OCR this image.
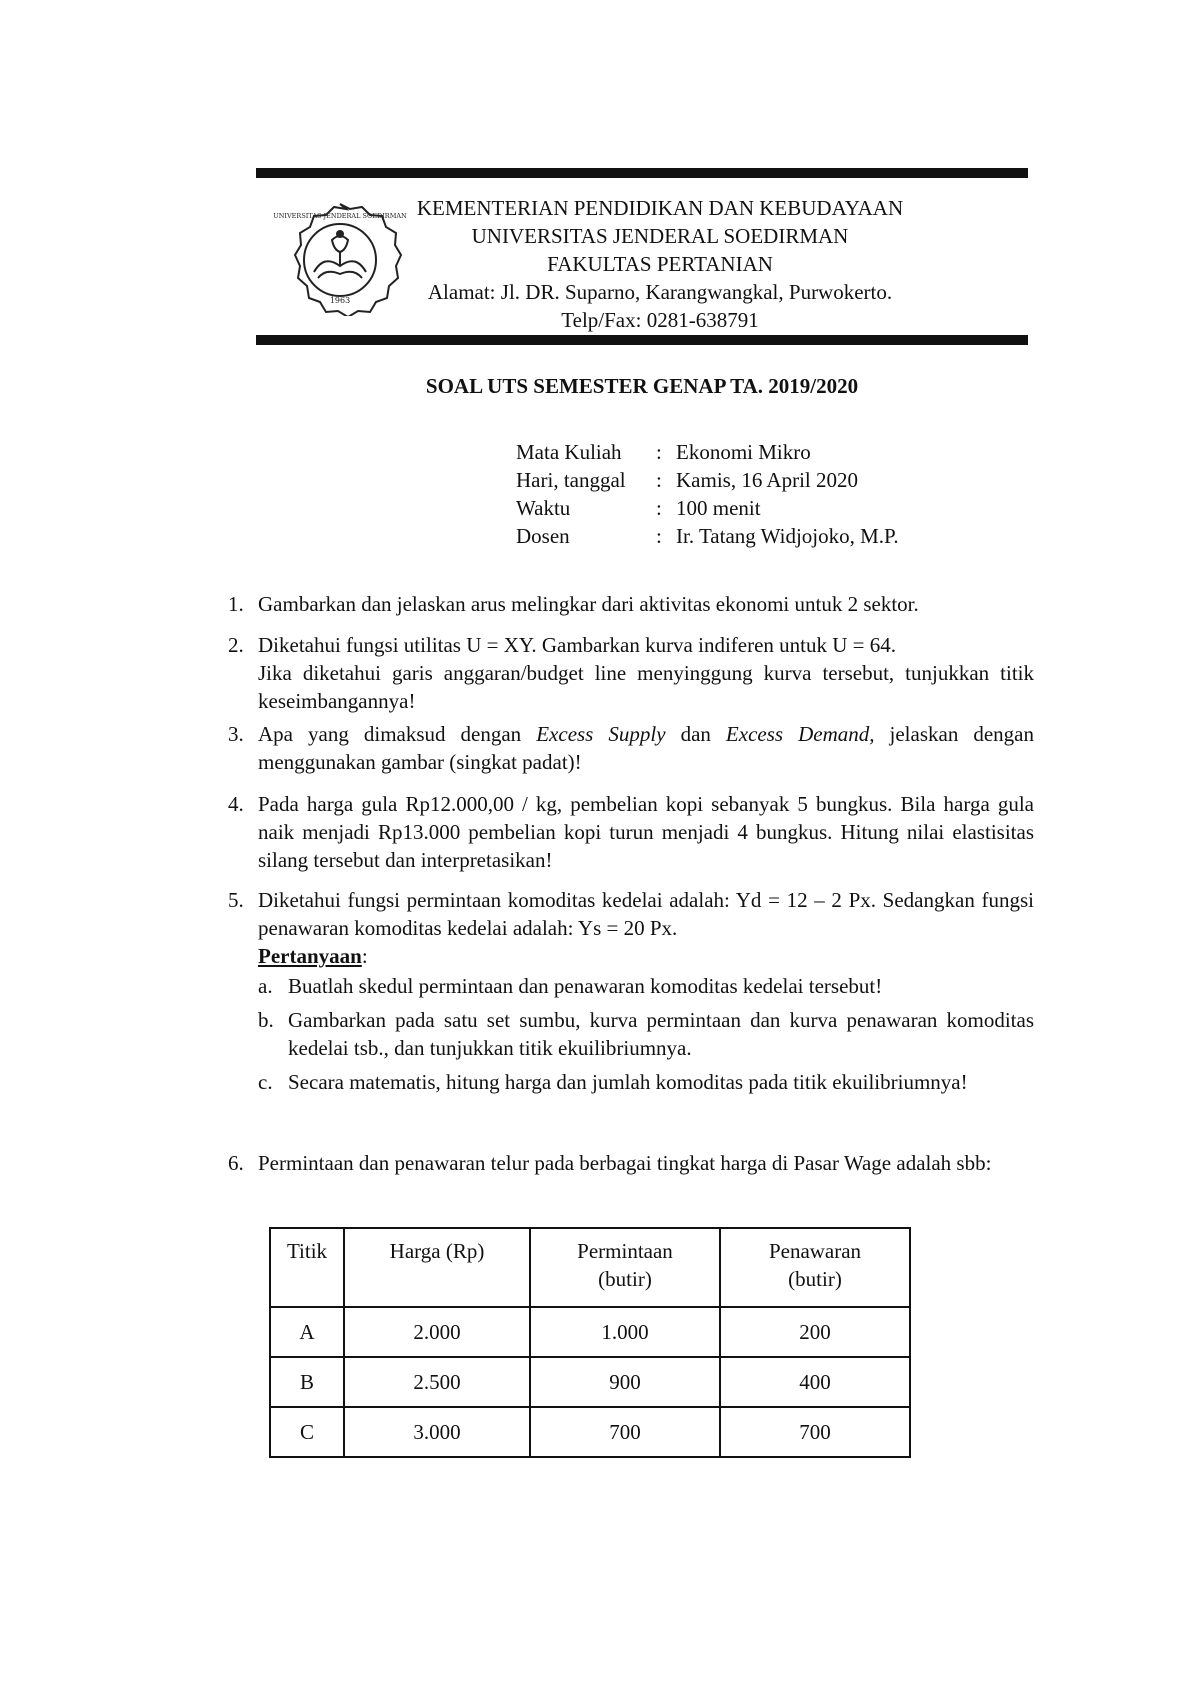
1963
UNIVERSITAS JENDERAL SOEDIRMAN KEMENTERIAN PENDIDIKAN DAN KEBUDAYAAN
UNIVERSITAS JENDERAL SOEDIRMAN
FAKULTAS PERTANIAN
Alamat: Jl. DR. Suparno, Karangwangkal, Purwokerto.
Telp/Fax: 0281-638791
SOAL UTS SEMESTER GENAP TA. 2019/2020
Mata Kuliah	: Ekonomi Mikro
Hari, tanggal	: Kamis, 16 April 2020
Waktu	: 100 menit
Dosen	: Ir. Tatang Widjojoko, M.P.
1. Gambarkan dan jelaskan arus melingkar dari aktivitas ekonomi untuk 2 sektor.

2. Diketahui fungsi utilitas U = XY. Gambarkan kurva indiferen untuk U = 64.

Jika diketahui garis anggaran/budget line menyinggung kurva tersebut, tunjukkan titik keseimbangannya!

3. Apa yang dimaksud dengan Excess Supply dan Excess Demand, jelaskan dengan menggunakan gambar (singkat padat)!

4. Pada harga gula Rp12.000,00 / kg, pembelian kopi sebanyak 5 bungkus. Bila harga gula naik menjadi Rp13.000 pembelian kopi turun menjadi 4 bungkus. Hitung nilai elastisitas silang tersebut dan interpretasikan!

5. Diketahui fungsi permintaan komoditas kedelai adalah: Yd = 12 – 2 Px. Sedangkan fungsi penawaran komoditas kedelai adalah: Ys = 20 Px.

Pertanyaan:

a. Buatlah skedul permintaan dan penawaran komoditas kedelai tersebut!
b. Gambarkan pada satu set sumbu, kurva permintaan dan kurva penawaran komoditas kedelai tsb., dan tunjukkan titik ekuilibriumnya.
c. Secara matematis, hitung harga dan jumlah komoditas pada titik ekuilibriumnya!
6. Permintaan dan penawaran telur pada berbagai tingkat harga di Pasar Wage adalah sbb:

Titik	Harga (Rp)	Permintaan (butir)	Penawaran (butir)
A	2.000	1.000	200
B	2.500	900	400
C	3.000	700	700
